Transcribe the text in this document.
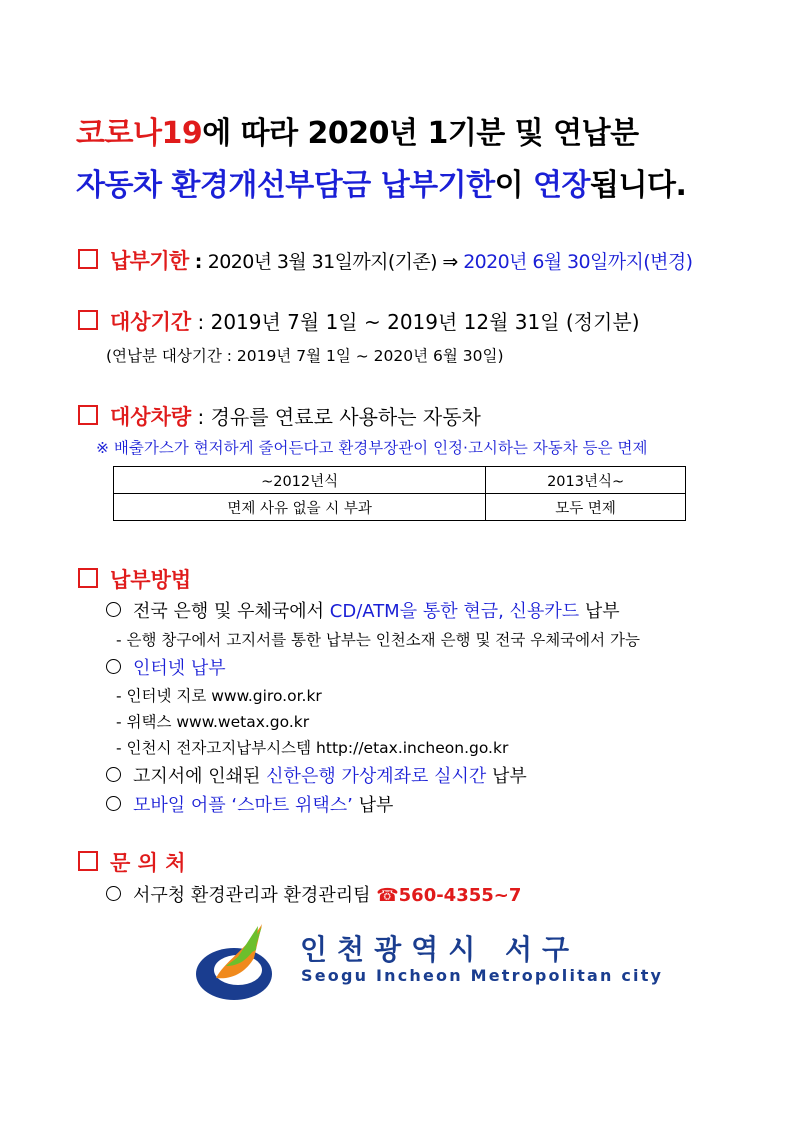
코로나19에 따라 2020년 1기분 및 연납분
자동차 환경개선부담금 납부기한이 연장됩니다.
납부기한 : 2020년 3월 31일까지(기존) ⇒ 2020년 6월 30일까지(변경)
대상기간 : 2019년 7월 1일 ~ 2019년 12월 31일 (정기분)
(연납분 대상기간 : 2019년 7월 1일 ~ 2020년 6월 30일)
대상차량 : 경유를 연료로 사용하는 자동차
※ 배출가스가 현저하게 줄어든다고 환경부장관이 인정·고시하는 자동차 등은 면제
~2012년식	2013년식~
면제 사유 없을 시 부과	모두 면제
납부방법
전국 은행 및 우체국에서 CD/ATM을 통한 현금, 신용카드 납부
- 은행 창구에서 고지서를 통한 납부는 인천소재 은행 및 전국 우체국에서 가능
인터넷 납부
- 인터넷 지로 www.giro.or.kr
- 위택스 www.wetax.go.kr
- 인천시 전자고지납부시스템 http://etax.incheon.go.kr
고지서에 인쇄된 신한은행 가상계좌로 실시간 납부
모바일 어플 ‘스마트 위택스’ 납부
문 의 처
서구청 환경관리과 환경관리팀 ☎560-4355~7
인천광역시 서구
Seogu Incheon Metropolitan city
